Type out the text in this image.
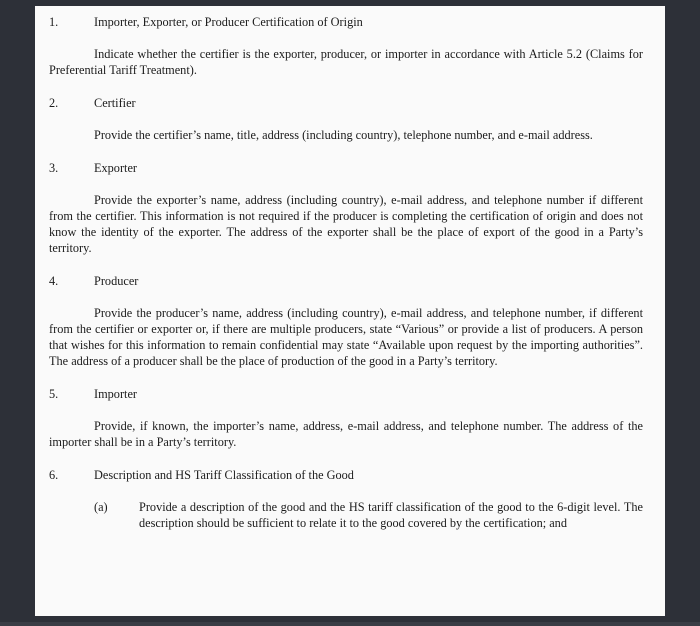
1.	Importer, Exporter, or Producer Certification of Origin

Indicate whether the certifier is the exporter, producer, or importer in accordance with Article 5.2 (Claims for Preferential Tariff Treatment).

2.	Certifier

Provide the certifier’s name, title, address (including country), telephone number, and e-mail address.

3.	Exporter

Provide the exporter’s name, address (including country), e-mail address, and telephone number if different from the certifier. This information is not required if the producer is completing the certification of origin and does not know the identity of the exporter. The address of the exporter shall be the place of export of the good in a Party’s territory.

4.	Producer

Provide the producer’s name, address (including country), e-mail address, and telephone number, if different from the certifier or exporter or, if there are multiple producers, state “Various” or provide a list of producers. A person that wishes for this information to remain confidential may state “Available upon request by the importing authorities”. The address of a producer shall be the place of production of the good in a Party’s territory.

5.	Importer

Provide, if known, the importer’s name, address, e-mail address, and telephone number. The address of the importer shall be in a Party’s territory.

6.	Description and HS Tariff Classification of the Good
(a)	Provide a description of the good and the HS tariff classification of the good to the 6-digit level. The description should be sufficient to relate it to the good covered by the certification; and
